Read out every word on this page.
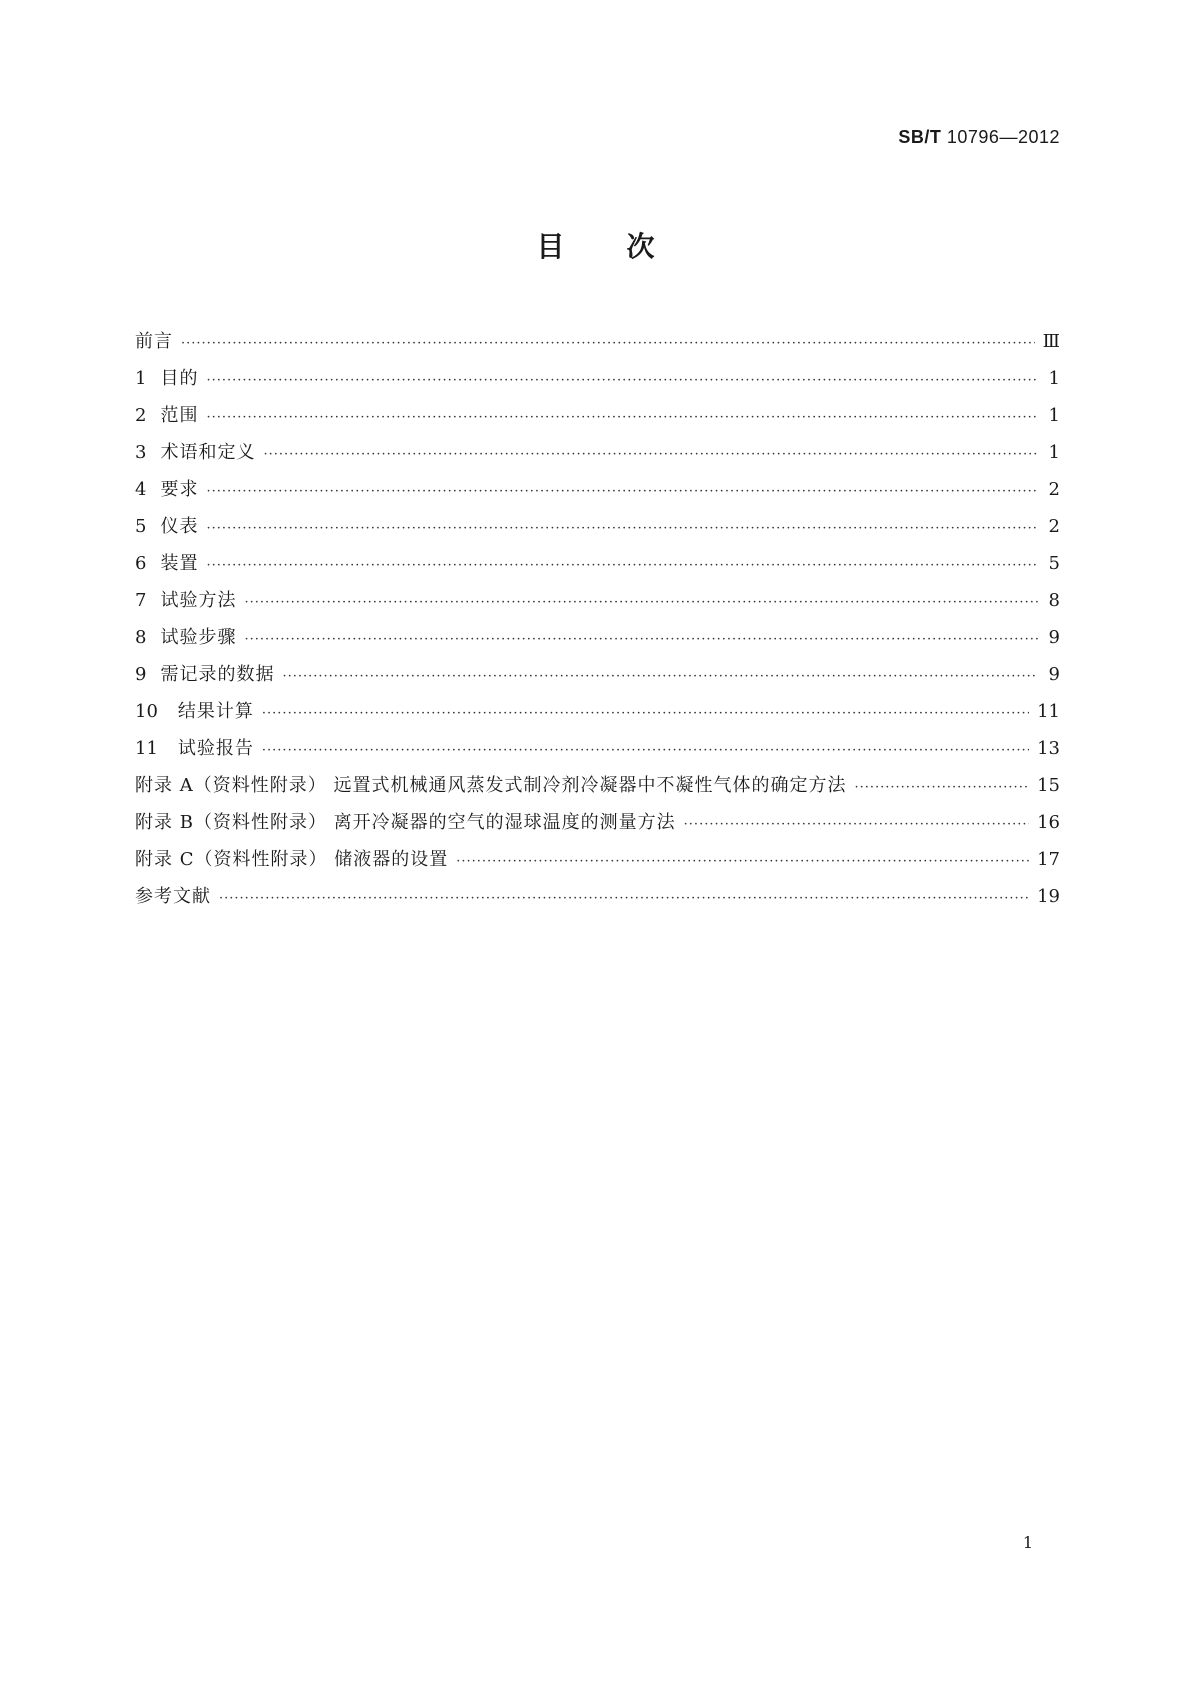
SB/T 10796—2012
目 次
前言 ·····	Ⅲ
1 目的 ·····	1
2 范围 ·····	1
3 术语和定义 ·····	1
4 要求 ·····	2
5 仪表 ·····	2
6 装置 ·····	5
7 试验方法 ·····	8
8 试验步骤 ·····	9
9 需记录的数据 ·····	9
10 结果计算 ·····	11
11 试验报告 ·····	13
附录 A（资料性附录） 远置式机械通风蒸发式制冷剂冷凝器中不凝性气体的确定方法 ·····	15
附录 B（资料性附录） 离开冷凝器的空气的湿球温度的测量方法 ·····	16
附录 C（资料性附录） 储液器的设置 ·····	17
参考文献 ·····	19
1
